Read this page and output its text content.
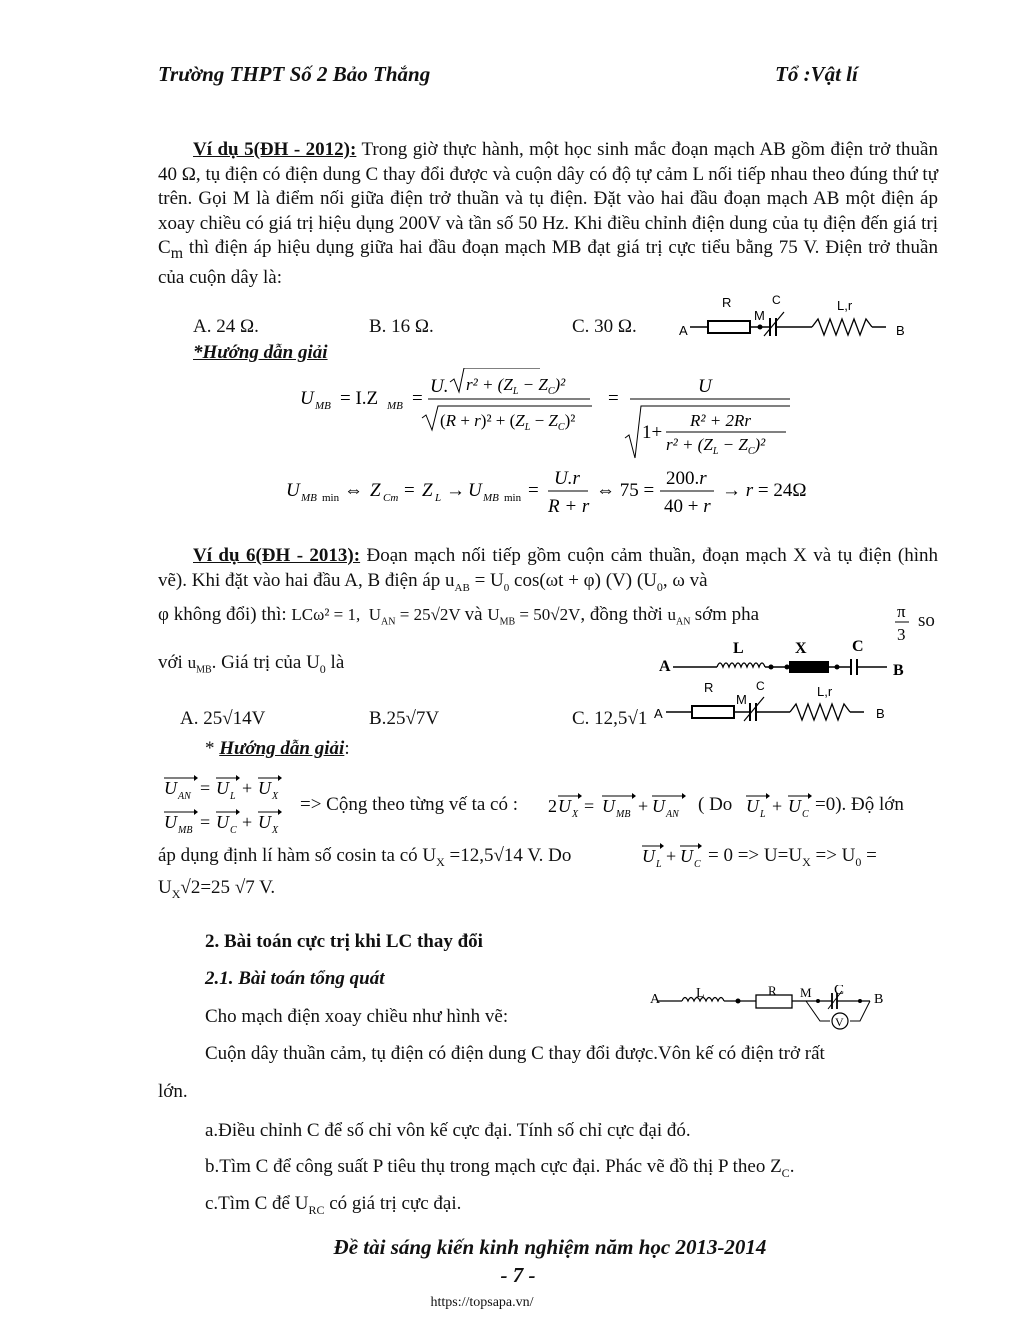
Trường THPT Số 2 Bảo Thắng	Tổ :Vật lí
Ví dụ 5(ĐH - 2012): Trong giờ thực hành, một học sinh mắc đoạn mạch AB gồm điện trở thuần 40 Ω, tụ điện có điện dung C thay đổi được và cuộn dây có độ tự cảm L nối tiếp nhau theo đúng thứ tự trên. Gọi M là điểm nối giữa điện trở thuần và tụ điện. Đặt vào hai đầu đoạn mạch AB một điện áp xoay chiều có giá trị hiệu dụng 200V và tần số 50 Hz. Khi điều chỉnh điện dung của tụ điện đến giá trị $C_m$ thì điện áp hiệu dụng giữa hai đầu đoạn mạch MB đạt giá trị cực tiểu bằng 75 V. Điện trở thuần của cuộn dây là:
A
R
M
C	L,r
B
A. 24 Ω.	B. 16 Ω.	C. 30 Ω.
*Hướng dẫn giải
U MB = I.Z MB =
U. $r^2 + (Z_L - Z_C)^2$
$(R + r)^2 + (Z_L - Z_C)^2$
=
U
1+
R² + 2Rr
$r^2 + (Z_L - Z_C)^2$
U MB min ⇔ Z Cm = Z L → U MB min =
U.r
R + r
⇔ 75 =
200.r
40 + r
→ r = 24Ω
Ví dụ 6(ĐH - 2013): Đoạn mạch nối tiếp gồm cuộn cảm thuần, đoạn mạch X và tụ điện (hình vẽ). Khi đặt vào hai đầu A, B điện áp $u_{AB} = U_0$ cos(ωt + φ) (V) ($U_0$, ω và
φ không đổi) thì: LCω² = 1,  $U_{AN} = 25√2V$ và $U_{MB} = 50√2V$, đồng thời $u_{AN}$ sớm pha	π
3
so
với $u_{MB}$. Giá trị của $U_0$ là	A
L	X	C
B
A
R
M
C	L,r
B
A. 25√14V	B.25√7V	C. 12,5√1
* Hướng dẫn giải:
U AN = U L + U X
U MB = U C + U X
=> Cộng theo từng vế ta có : 2 U X = U MB + U AN ( Do U L + U C =0). Độ lớn
áp dụng định lí hàm số cosin ta có $U_X =12,5√14$ V. Do	U L + U $C = 0 => U=U_X => U_0$ =
$U_X√2=25$ √7 V.
2. Bài toán cực trị khi LC thay đổi
2.1. Bài toán tổng quát
A	L	R M C
B
V
Cho mạch điện xoay chiều như hình vẽ:
Cuộn dây thuần cảm, tụ điện có điện dung C thay đổi được.Vôn kế có điện trở rất
lớn.
a.Điều chỉnh C để số chỉ vôn kế cực đại. Tính số chỉ cực đại đó.
b.Tìm C để công suất P tiêu thụ trong mạch cực đại. Phác vẽ đồ thị P theo $Z_C$.
c.Tìm C để $U_{RC}$ có giá trị cực đại.
Đề tài sáng kiến kinh nghiệm năm học 2013-2014
- 7 -
https://topsapa.vn/
